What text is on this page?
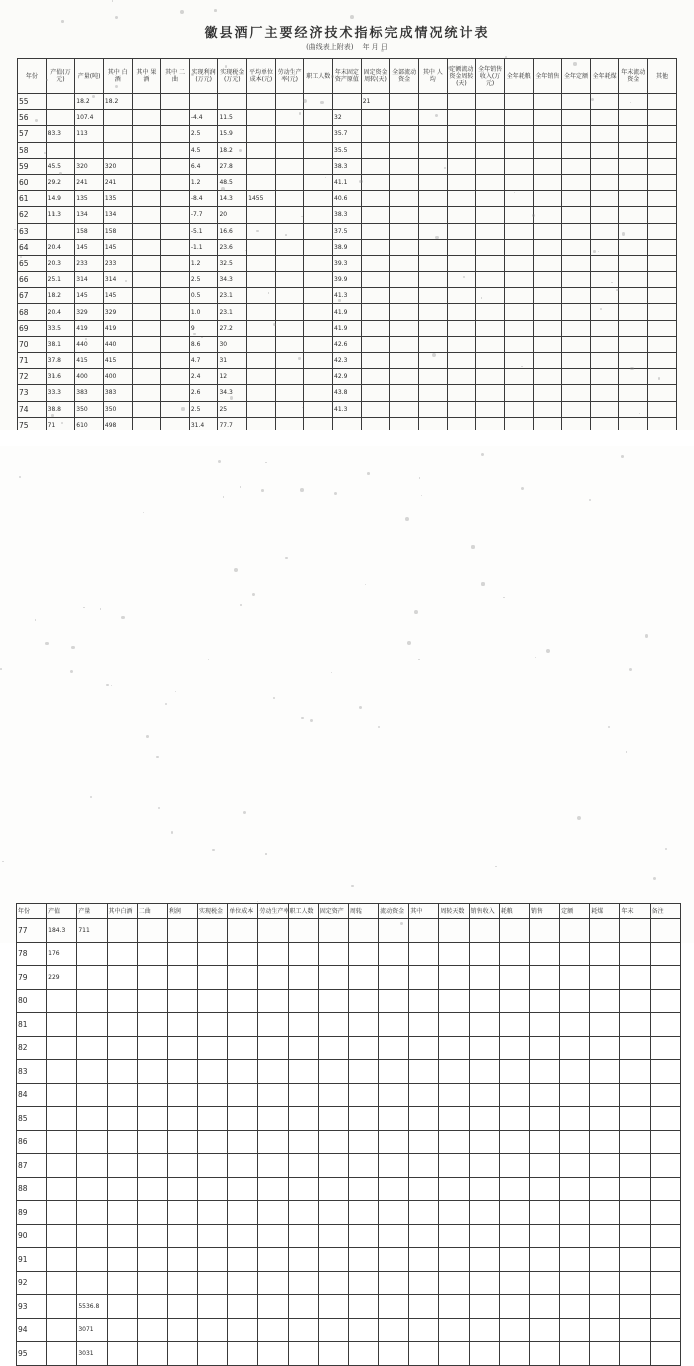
徽县酒厂主要经济技术指标完成情况统计表
(曲线表上附表) 年 月 日
年份	产值(万元)	产量(吨)	其中 白酒	其中 果酒	其中 二曲	实现利润(万元)	实现税金(万元)	平均单位成本(元)	劳动生产率(元)	职工人数	年末固定资产原值	固定资金周转(天)	全部流动资金	其中 人均	定额流动资金周转(天)	全年销售收入(万元)	全年耗粮	全年销售	全年定额	全年耗煤	年末流动资金	其他
55		18.2	18.2									21										
56		107.4				-4.4	11.5				32											
57	83.3	113				2.5	15.9				35.7											
58						4.5	18.2				35.5											
59	45.5	320	320			6.4	27.8				38.3											
60	29.2	241	241			1.2	48.5				41.1											
61	14.9	135	135			-8.4	14.3	1455			40.6											
62	11.3	134	134			-7.7	20				38.3											
63		158	158			-5.1	16.6				37.5											
64	20.4	145	145			-1.1	23.6				38.9											
65	20.3	233	233			1.2	32.5				39.3											
66	25.1	314	314			2.5	34.3				39.9											
67	18.2	145	145			0.5	23.1				41.3											
68	20.4	329	329			1.0	23.1				41.9											
69	33.5	419	419			9	27.2				41.9											
70	38.1	440	440			8.6	30				42.6											
71	37.8	415	415			4.7	31				42.3											
72	31.6	400	400			2.4	12				42.9											
73	33.3	383	383			2.6	34.3				43.8											
74	38.8	350	350			2.5	25				41.3											
75	71	610	498			31.4	77.7															

年份	产值	产量	其中白酒	二曲	利润	实现税金	单位成本	劳动生产率	职工人数	固定资产	周转	流动资金	其中	周转天数	销售收入	耗粮	销售	定额	耗煤	年末	备注
77	184.3	711																			
78	176																				
79	229																				
80																					
81																					
82																					
83																					
84																					
85																					
86																					
87																					
88																					
89																					
90																					
91																					
92																					
93		5536.8																			
94		3071																			
95		3031																			
